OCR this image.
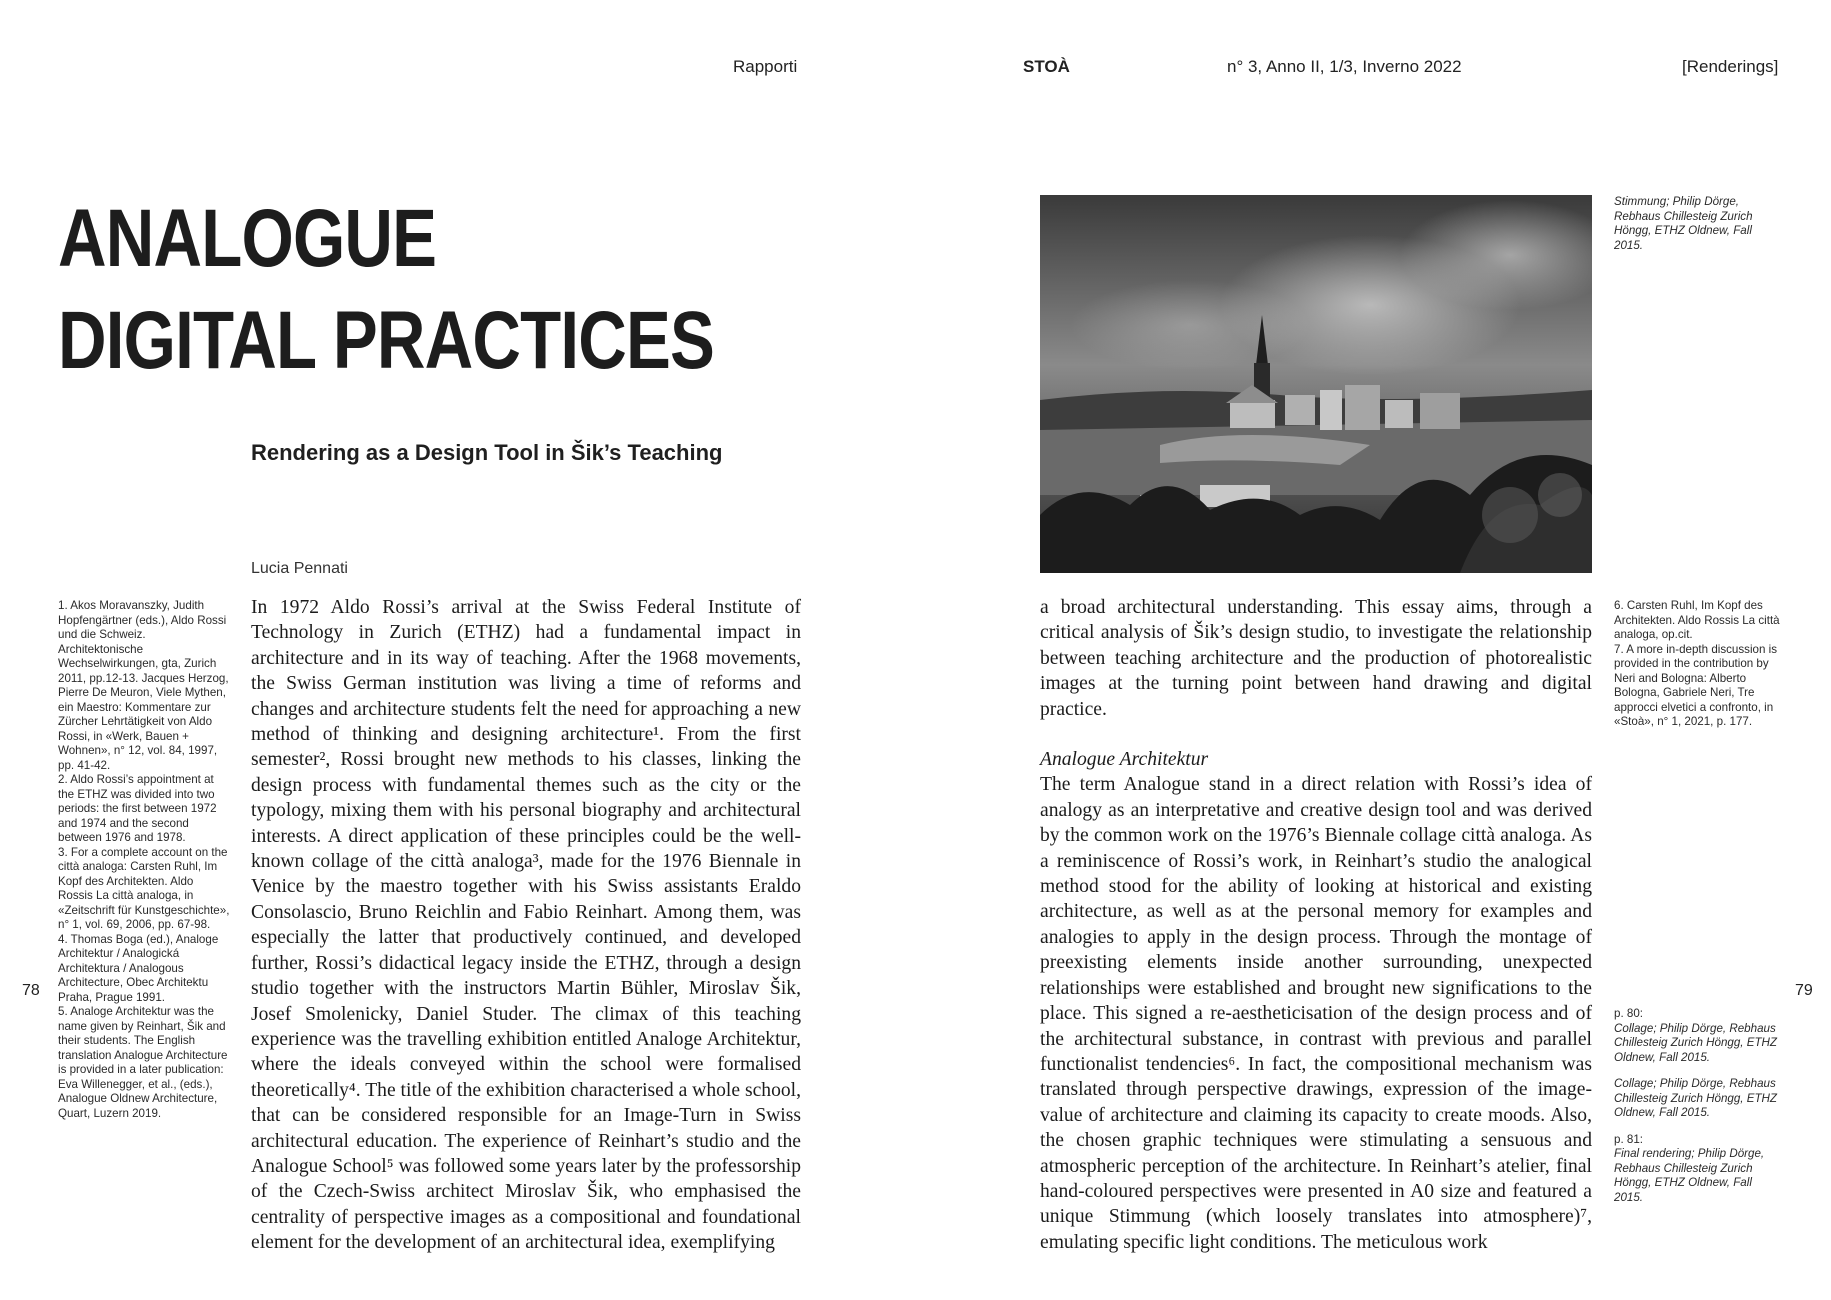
Rapporti	STOÀ	n° 3, Anno II, 1/3, Inverno 2022	[Renderings]
ANALOGUE
DIGITAL PRACTICES
Rendering as a Design Tool in Šik’s Teaching
Lucia Pennati

1. Akos Moravanszky, Judith Hopfengärtner (eds.), Aldo Rossi und die Schweiz. Architektonische Wechselwirkungen, gta, Zurich 2011, pp.12-13. Jacques Herzog, Pierre De Meuron, Viele Mythen, ein Maestro: Kommentare zur Zürcher Lehrtätigkeit von Aldo Rossi, in «Werk, Bauen + Wohnen», n° 12, vol. 84, 1997, pp. 41-42.

2. Aldo Rossi’s appointment at the ETHZ was divided into two periods: the first between 1972 and 1974 and the second between 1976 and 1978.

3. For a complete account on the città analoga: Carsten Ruhl, Im Kopf des Architekten. Aldo Rossis La città analoga, in «Zeitschrift für Kunstgeschichte», n° 1, vol. 69, 2006, pp. 67-98.

4. Thomas Boga (ed.), Analoge Architektur / Analogická Architektura / Analogous Architecture, Obec Architektu Praha, Prague 1991.

5. Analoge Architektur was the name given by Reinhart, Šik and their students. The English translation Analogue Architecture is provided in a later publication: Eva Willenegger, et al., (eds.), Analogue Oldnew Architecture, Quart, Luzern 2019.

In 1972 Aldo Rossi’s arrival at the Swiss Federal Institute of Technology in Zurich (ETHZ) had a fundamental impact in architecture and in its way of teaching. After the 1968 movements, the Swiss German institution was living a time of reforms and changes and architecture students felt the need for approaching a new method of thinking and designing architecture¹. From the first semester², Rossi brought new methods to his classes, linking the design process with fundamental themes such as the city or the typology, mixing them with his personal biography and architectural interests. A direct application of these principles could be the well-known collage of the città analoga³, made for the 1976 Biennale in Venice by the maestro together with his Swiss assistants Eraldo Consolascio, Bruno Reichlin and Fabio Reinhart. Among them, was especially the latter that productively continued, and developed further, Rossi’s didactical legacy inside the ETHZ, through a design studio together with the instructors Martin Bühler, Miroslav Šik, Josef Smolenicky, Daniel Studer. The climax of this teaching experience was the travelling exhibition entitled Analoge Architektur, where the ideals conveyed within the school were formalised theoretically⁴. The title of the exhibition characterised a whole school, that can be considered responsible for an Image-Turn in Swiss architectural education. The experience of Reinhart’s studio and the Analogue School⁵ was followed some years later by the professorship of the Czech-Swiss architect Miroslav Šik, who emphasised the centrality of perspective images as a compositional and foundational element for the development of an architectural idea, exemplifying

78	79

Stimmung; Philip Dörge, Rebhaus Chillesteig Zurich Höngg, ETHZ Oldnew, Fall 2015.

a broad architectural understanding. This essay aims, through a critical analysis of Šik’s design studio, to investigate the relationship between teaching architecture and the production of photorealistic images at the turning point between hand drawing and digital practice.

Analogue Architektur

The term Analogue stand in a direct relation with Rossi’s idea of analogy as an interpretative and creative design tool and was derived by the common work on the 1976’s Biennale collage città analoga. As a reminiscence of Rossi’s work, in Reinhart’s studio the analogical method stood for the ability of looking at historical and existing architecture, as well as at the personal memory for examples and analogies to apply in the design process. Through the montage of preexisting elements inside another surrounding, unexpected relationships were established and brought new significations to the place. This signed a re-aestheticisation of the design process and of the architectural substance, in contrast with previous and parallel functionalist tendencies⁶. In fact, the compositional mechanism was translated through perspective drawings, expression of the image-value of architecture and claiming its capacity to create moods. Also, the chosen graphic techniques were stimulating a sensuous and atmospheric perception of the architecture. In Reinhart’s atelier, final hand-coloured perspectives were presented in A0 size and featured a unique Stimmung (which loosely translates into atmosphere)⁷, emulating specific light conditions. The meticulous work

6. Carsten Ruhl, Im Kopf des Architekten. Aldo Rossis La città analoga, op.cit.

7. A more in-depth discussion is provided in the contribution by Neri and Bologna: Alberto Bologna, Gabriele Neri, Tre approcci elvetici a confronto, in «Stoà», n° 1, 2021, p. 177.

p. 80:

Collage; Philip Dörge, Rebhaus Chillesteig Zurich Höngg, ETHZ Oldnew, Fall 2015.

Collage; Philip Dörge, Rebhaus Chillesteig Zurich Höngg, ETHZ Oldnew, Fall 2015.

p. 81:

Final rendering; Philip Dörge, Rebhaus Chillesteig Zurich Höngg, ETHZ Oldnew, Fall 2015.
